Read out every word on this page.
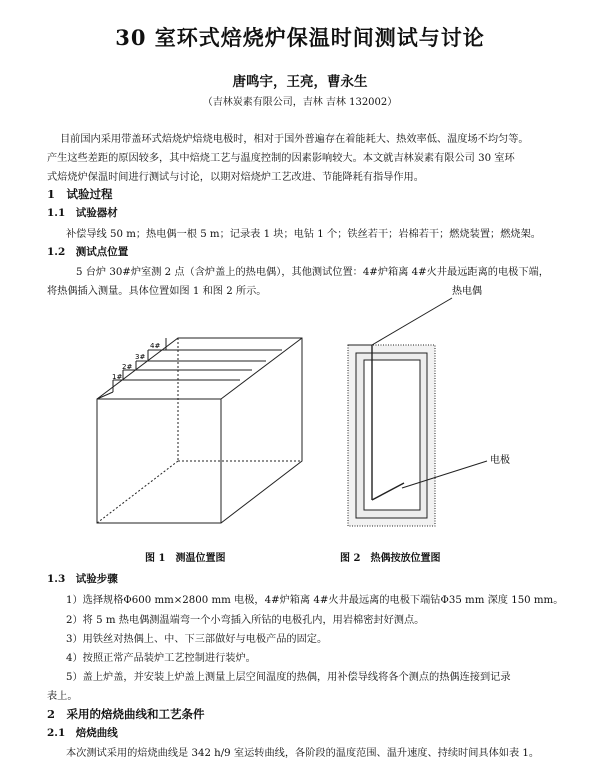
30 室环式焙烧炉保温时间测试与讨论
唐鸣宇，王亮，曹永生
（吉林炭素有限公司，吉林 吉林 132002）
目前国内采用带盖环式焙烧炉焙烧电极时，相对于国外普遍存在着能耗大、热效率低、温度场不均匀等。
产生这些差距的原因较多，其中焙烧工艺与温度控制的因素影响较大。本文就吉林炭素有限公司 30 室环
式焙烧炉保温时间进行测试与讨论，以期对焙烧炉工艺改进、节能降耗有指导作用。
1　试验过程
1.1　试验器材
补偿导线 50 m；热电偶一根 5 m；记录表 1 块；电钻 1 个；铁丝若干；岩棉若干；燃烧装置；燃烧架。
1.2　测试点位置
5 台炉 30#炉室测 2 点（含炉盖上的热电偶），其他测试位置：4#炉箱离 4#火井最远距离的电极下端，
将热偶插入测量。具体位置如图 1 和图 2 所示。
4#
3#
2#
1#
热电偶
电极
图 1　测温位置图	图 2　热偶按放位置图
1.3　试验步骤
1）选择规格Φ600 mm×2800 mm 电极，4#炉箱离 4#火井最远离的电极下端钻Φ35 mm 深度 150 mm。
2）将 5 m 热电偶测温端弯一个小弯插入所钻的电极孔内，用岩棉密封好测点。
3）用铁丝对热偶上、中、下三部做好与电极产品的固定。
4）按照正常产品装炉工艺控制进行装炉。
5）盖上炉盖，并安装上炉盖上测量上层空间温度的热偶，用补偿导线将各个测点的热偶连接到记录
表上。
2　采用的焙烧曲线和工艺条件
2.1　焙烧曲线
本次测试采用的焙烧曲线是 342 h/9 室运转曲线，各阶段的温度范围、温升速度、持续时间具体如表 1。
